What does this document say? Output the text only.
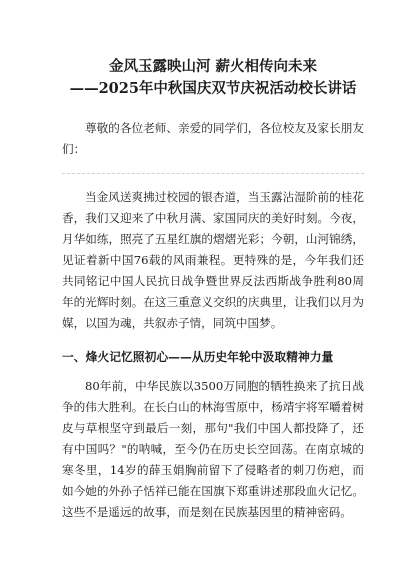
金风玉露映山河 薪火相传向未来

——2025年中秋国庆双节庆祝活动校长讲话

尊敬的各位老师、亲爱的同学们，各位校友及家长朋友们：

当金风送爽拂过校园的银杏道，当玉露沾湿阶前的桂花香，我们又迎来了中秋月满、家国同庆的美好时刻。今夜，月华如练，照亮了五星红旗的熠熠光彩；今朝，山河锦绣，见证着新中国76载的风雨兼程。更特殊的是，今年我们还共同铭记中国人民抗日战争暨世界反法西斯战争胜利80周年的光辉时刻。在这三重意义交织的庆典里，让我们以月为媒，以国为魂，共叙赤子情，同筑中国梦。

一、烽火记忆照初心——从历史年轮中汲取精神力量

80年前，中华民族以3500万同胞的牺牲换来了抗日战争的伟大胜利。在长白山的林海雪原中，杨靖宇将军嚼着树皮与草根坚守到最后一刻，那句"我们中国人都投降了，还有中国吗？"的呐喊，至今仍在历史长空回荡。在南京城的寒冬里，14岁的薛玉娟胸前留下了侵略者的刺刀伤疤，而如今她的外孙子恬祥已能在国旗下郑重讲述那段血火记忆。这些不是遥远的故事，而是刻在民族基因里的精神密码。
